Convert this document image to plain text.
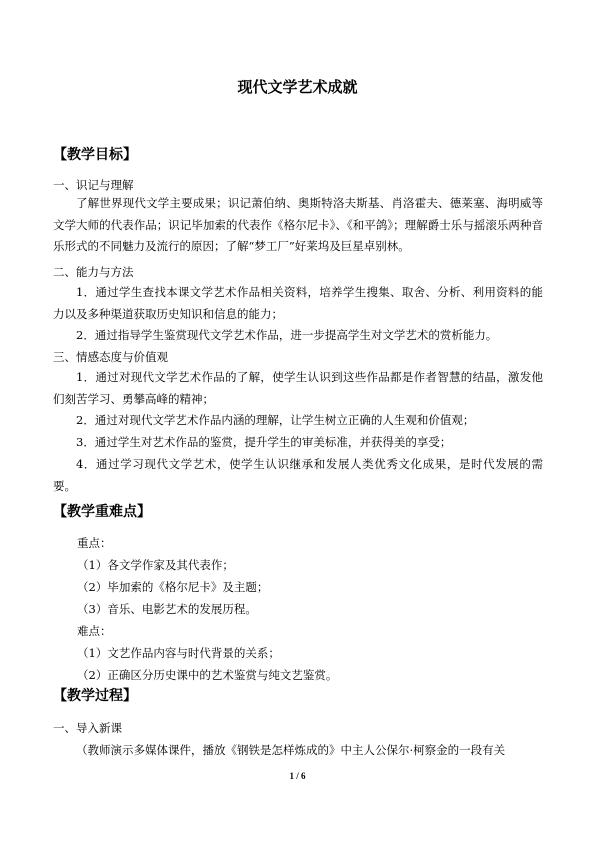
现代文学艺术成就
【教学目标】
一、识记与理解

了解世界现代文学主要成果；识记萧伯纳、奥斯特洛夫斯基、肖洛霍夫、德莱塞、海明威等文学大师的代表作品；识记毕加索的代表作《格尔尼卡》、《和平鸽》；理解爵士乐与摇滚乐两种音乐形式的不同魅力及流行的原因；了解“梦工厂”好莱坞及巨星卓别林。

二、能力与方法

1．通过学生查找本课文学艺术作品相关资料，培养学生搜集、取舍、分析、利用资料的能力以及多种渠道获取历史知识和信息的能力；

2．通过指导学生鉴赏现代文学艺术作品，进一步提高学生对文学艺术的赏析能力。

三、情感态度与价值观

1．通过对现代文学艺术作品的了解，使学生认识到这些作品都是作者智慧的结晶，激发他们刻苦学习、勇攀高峰的精神；

2．通过对现代文学艺术作品内涵的理解，让学生树立正确的人生观和价值观；

3．通过学生对艺术作品的鉴赏，提升学生的审美标准，并获得美的享受；

4．通过学习现代文学艺术，使学生认识继承和发展人类优秀文化成果，是时代发展的需要。

【教学重难点】
重点：
（1）各文学作家及其代表作；
（2）毕加索的《格尔尼卡》及主题；
（3）音乐、电影艺术的发展历程。
难点：
（1）文艺作品内容与时代背景的关系；
（2）正确区分历史课中的艺术鉴赏与纯文艺鉴赏。
【教学过程】
一、导入新课

（教师演示多媒体课件，播放《钢铁是怎样炼成的》中主人公保尔·柯察金的一段有关

1 / 6
